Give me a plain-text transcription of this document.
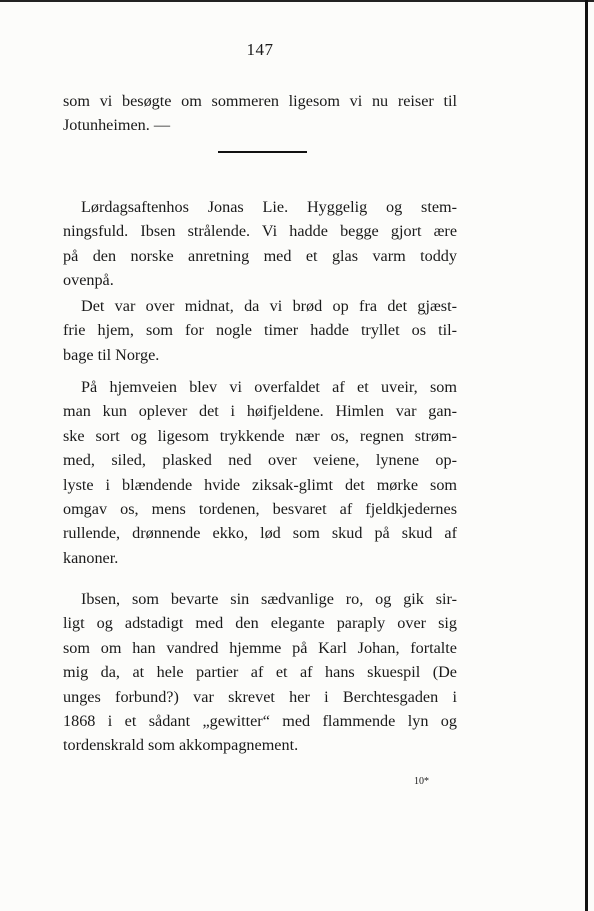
147
som vi besøgte om sommeren ligesom vi nu reiser til
Jotunheimen. —
Lørdagsaftenhos Jonas Lie. Hyggelig og stem-
ningsfuld. Ibsen strålende. Vi hadde begge gjort ære
på den norske anretning med et glas varm toddy
ovenpå.
Det var over midnat, da vi brød op fra det gjæst-
frie hjem, som for nogle timer hadde tryllet os til-
bage til Norge.
På hjemveien blev vi overfaldet af et uveir, som
man kun oplever det i høifjeldene. Himlen var gan-
ske sort og ligesom trykkende nær os, regnen strøm-
med, siled, plasked ned over veiene, lynene op-
lyste i blændende hvide ziksak-glimt det mørke som
omgav os, mens tordenen, besvaret af fjeldkjedernes
rullende, drønnende ekko, lød som skud på skud af
kanoner.
Ibsen, som bevarte sin sædvanlige ro, og gik sir-
ligt og adstadigt med den elegante paraply over sig
som om han vandred hjemme på Karl Johan, fortalte
mig da, at hele partier af et af hans skuespil (De
unges forbund?) var skrevet her i Berchtesgaden i
1868 i et sådant „gewitter“ med flammende lyn og
tordenskrald som akkompagnement.
10*
